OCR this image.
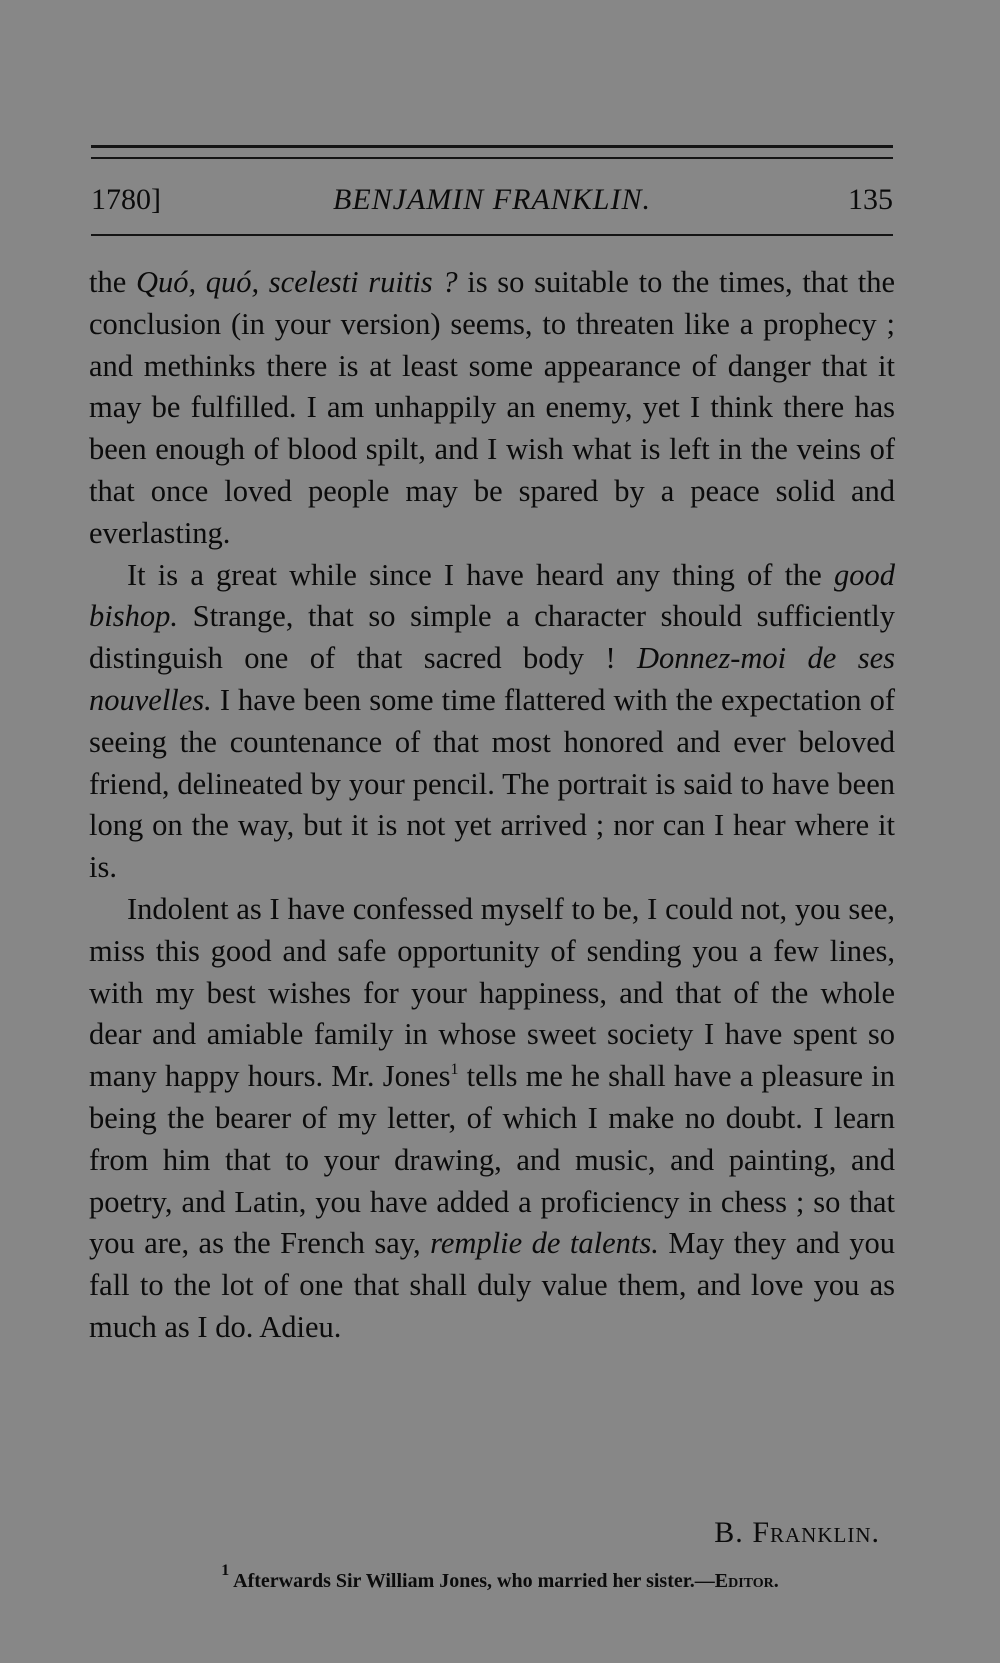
1780]	BENJAMIN FRANKLIN.	135

the Quó, quó, scelesti ruitis ? is so suitable to the times, that the conclusion (in your version) seems, to threaten like a prophecy ; and methinks there is at least some appearance of danger that it may be fulfilled. I am unhappily an enemy, yet I think there has been enough of blood spilt, and I wish what is left in the veins of that once loved people may be spared by a peace solid and everlasting.

It is a great while since I have heard any thing of the good bishop. Strange, that so simple a character should sufficiently distinguish one of that sacred body ! Donnez-moi de ses nouvelles. I have been some time flattered with the expectation of seeing the countenance of that most honored and ever beloved friend, delineated by your pencil. The portrait is said to have been long on the way, but it is not yet arrived ; nor can I hear where it is.

Indolent as I have confessed myself to be, I could not, you see, miss this good and safe opportunity of sending you a few lines, with my best wishes for your happiness, and that of the whole dear and amiable family in whose sweet society I have spent so many happy hours. Mr. Jones$^1$ tells me he shall have a pleasure in being the bearer of my letter, of which I make no doubt. I learn from him that to your drawing, and music, and painting, and poetry, and Latin, you have added a proficiency in chess ; so that you are, as the French say, remplie de talents. May they and you fall to the lot of one that shall duly value them, and love you as much as I do. Adieu.

B. Franklin.
$^1$ Afterwards Sir William Jones, who married her sister.—Editor.
